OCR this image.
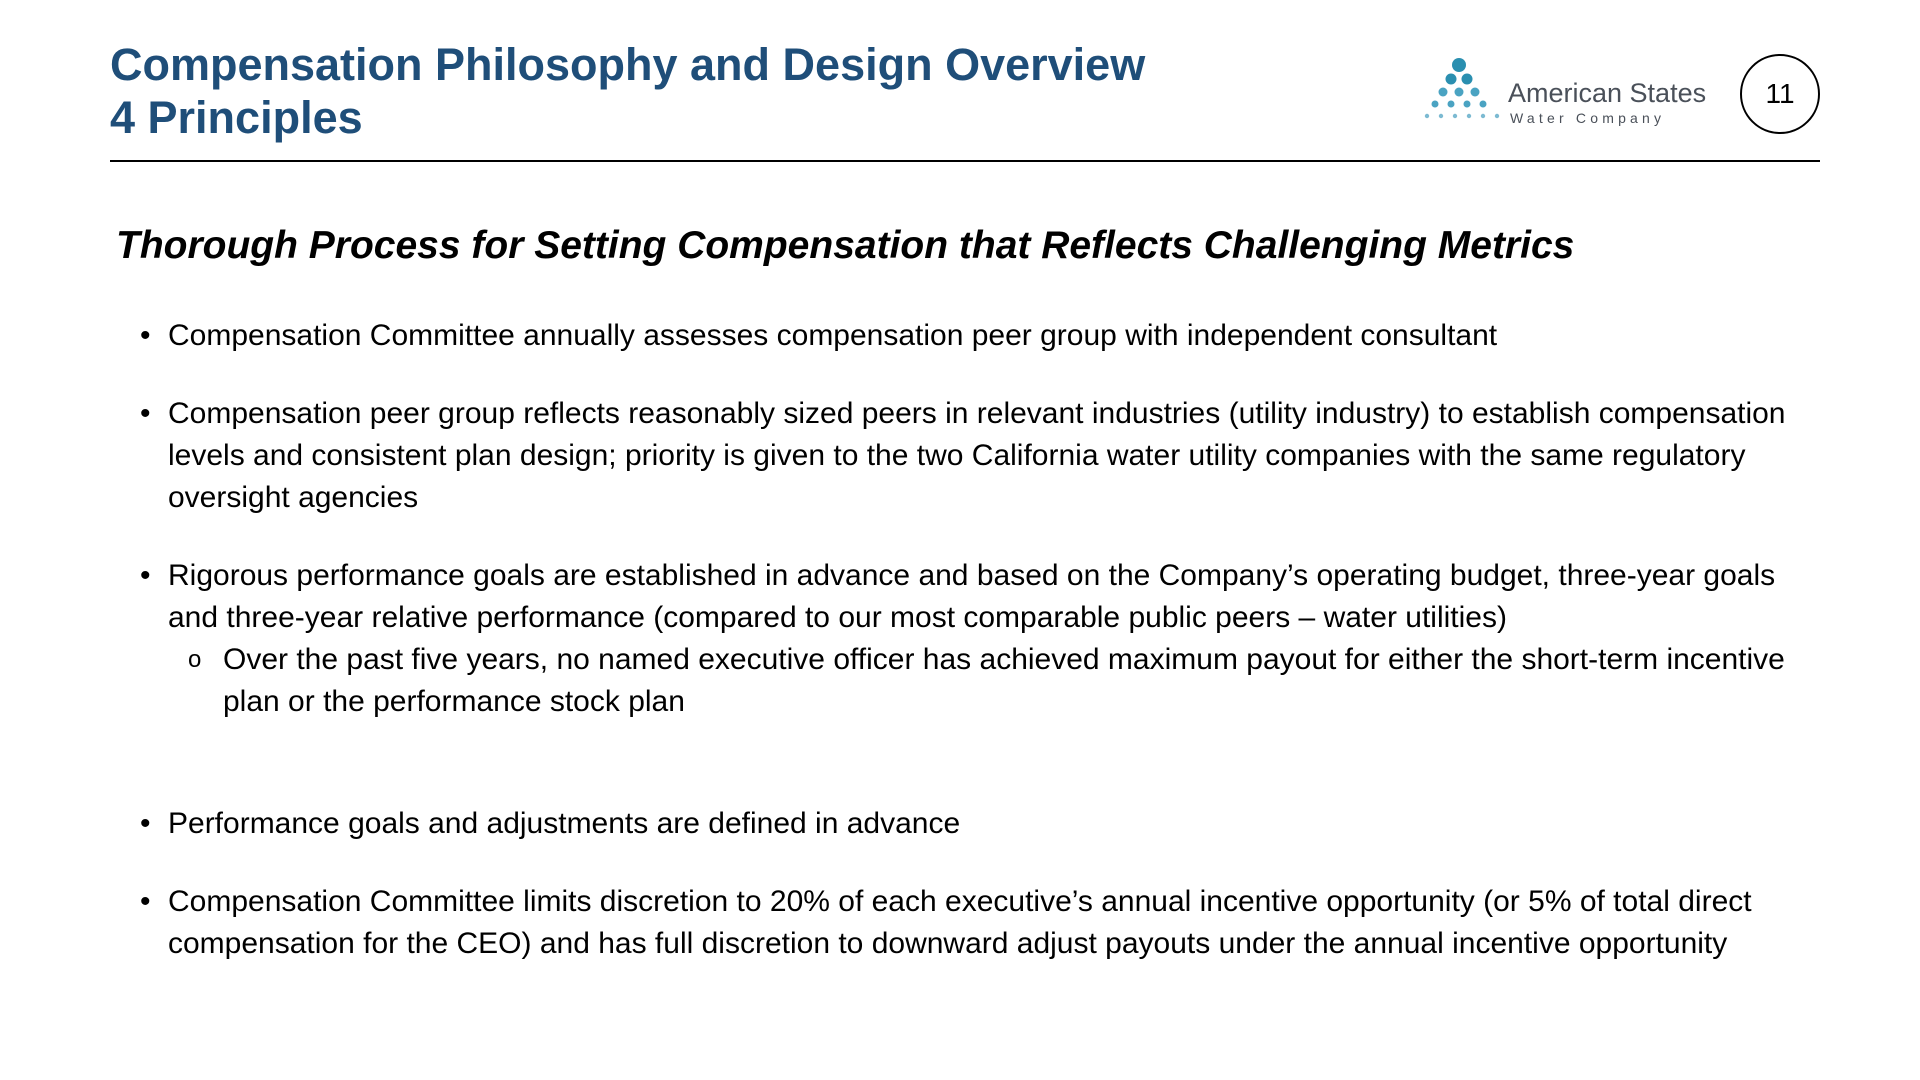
Compensation Philosophy and Design Overview
4 Principles	American States
Water Company
11
Thorough Process for Setting Compensation that Reflects Challenging Metrics
• Compensation Committee annually assesses compensation peer group with independent consultant
• Compensation peer group reflects reasonably sized peers in relevant industries (utility industry) to establish compensation levels and consistent plan design; priority is given to the two California water utility companies with the same regulatory oversight agencies
• Rigorous performance goals are established in advance and based on the Company’s operating budget, three-year goals and three-year relative performance (compared to our most comparable public peers – water utilities)
o Over the past five years, no named executive officer has achieved maximum payout for either the short-term incentive plan or the performance stock plan
• Performance goals and adjustments are defined in advance
• Compensation Committee limits discretion to 20% of each executive’s annual incentive opportunity (or 5% of total direct compensation for the CEO) and has full discretion to downward adjust payouts under the annual incentive opportunity
